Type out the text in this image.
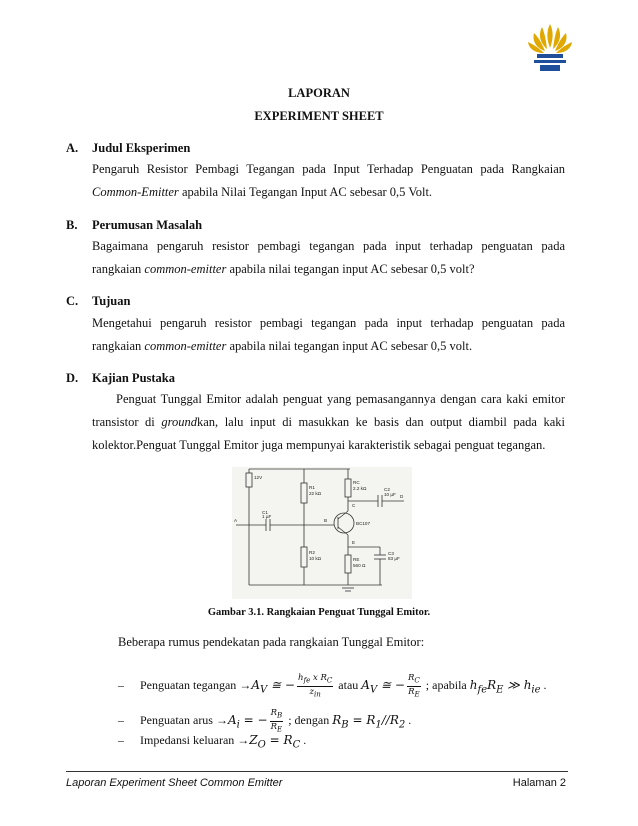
LAPORAN
EXPERIMENT SHEET
A. Judul Eksperimen
Pengaruh Resistor Pembagi Tegangan pada Input Terhadap Penguatan pada Rangkaian
Common-Emitter apabila Nilai Tegangan Input AC sebesar 0,5 Volt.
B. Perumusan Masalah
Bagaimana pengaruh resistor pembagi tegangan pada input terhadap penguatan pada
rangkaian common-emitter apabila nilai tegangan input AC sebesar 0,5 volt?
C. Tujuan
Mengetahui pengaruh resistor pembagi tegangan pada input terhadap penguatan pada
rangkaian common-emitter apabila nilai tegangan input AC sebesar 0,5 volt.
D. Kajian Pustaka
Penguat Tunggal Emitor adalah penguat yang pemasangannya dengan cara kaki emitor
transistor di groundkan, lalu input di masukkan ke basis dan output diambil pada kaki
kolektor.Penguat Tunggal Emitor juga mempunyai karakteristik sebagai penguat tegangan.
12V
R1
22 kΩ
RC
2.2 kΩ	C2
10 µF
C1
1 µF
BC107
R2
10 kΩ	RE
560 Ω
C3
83 µF
A	B
C
D
E
Gambar 3.1. Rangkaian Penguat Tunggal Emitor.
Beberapa rumus pendekatan pada rangkaian Tunggal Emitor:
– Penguatan tegangan $\to A_V$ ≅ − $\frac{h_{fe} x R_C}{z_{in}}$ atau $A_V$ ≅ − $\frac{R_C}{R_E}$ ; apabila $h_{fe}R_E$ ≫ $h_{ie}$ .
– Penguatan arus $\to A_i$ = − $\frac{R_B}{R_E}$ ; dengan $R_B = R_1//R_2$ .
– Impedansi keluaran $\to Z_O = R_C$ .
Laporan Experiment Sheet Common Emitter	Halaman 2
